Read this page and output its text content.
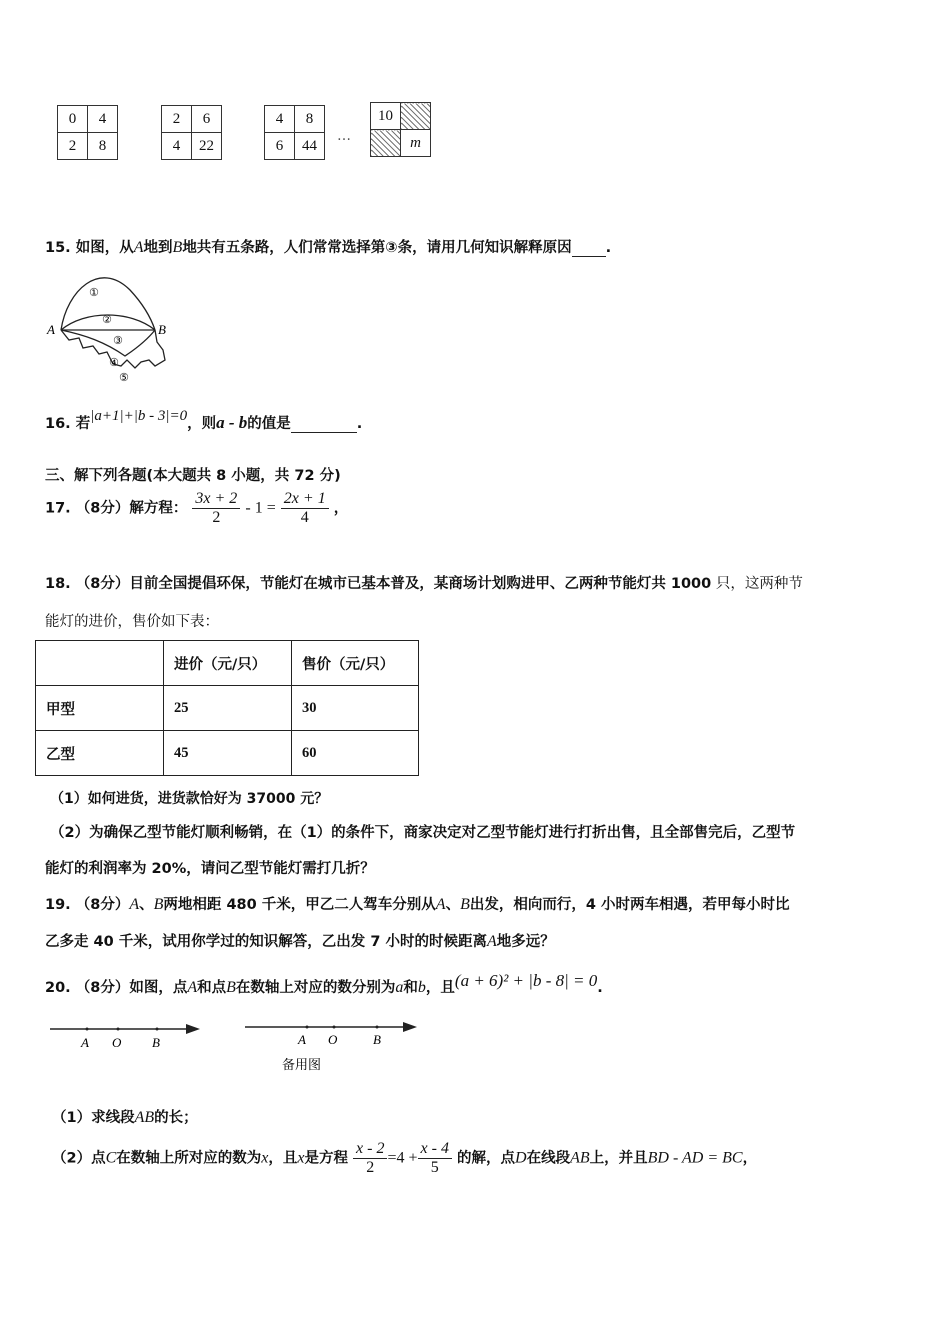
0	4
2	8
2	6
4	22
4	8
6	44
…
10	
	m
15. 如图，从A地到B地共有五条路，人们常常选择第③条，请用几何知识解释原因 .
A	B
①
②
③
④
⑤
16. 若|a+1|+|b - 3|=0，则a - b的值是	.
三、解下列各题(本大题共 8 小题，共 72 分)
17. （8分）解方程： $\frac{3x + 2}{2} - 1 = \frac{2x + 1}{4}$ ，
18. （8分）目前全国提倡环保，节能灯在城市已基本普及，某商场计划购进甲、乙两种节能灯共 1000 只，这两种节
能灯的进价，售价如下表：
	进价（元/只）	售价（元/只）
甲型	25	30
乙型	45	60
（1）如何进货，进货款恰好为 37000 元？
（2）为确保乙型节能灯顺利畅销，在（1）的条件下，商家决定对乙型节能灯进行打折出售，且全部售完后，乙型节
能灯的利润率为 20%，请问乙型节能灯需打几折？
19. （8分）A、B两地相距 480 千米，甲乙二人驾车分别从A、B出发，相向而行，4 小时两车相遇，若甲每小时比
乙多走 40 千米，试用你学过的知识解答，乙出发 7 小时的时候距离A地多远？
20. （8分）如图，点A和点B在数轴上对应的数分别为a和b，且(a + 6)² + |b - 8| = 0.
A O B	A O	B
备用图
（1）求线段AB的长；
（2）点C在数轴上所对应的数为x，且x是方程 $\frac{x - 2}{2} =4 + \frac{x - 4}{5}$ 的解，点D在线段AB上，并且BD - AD = BC，
